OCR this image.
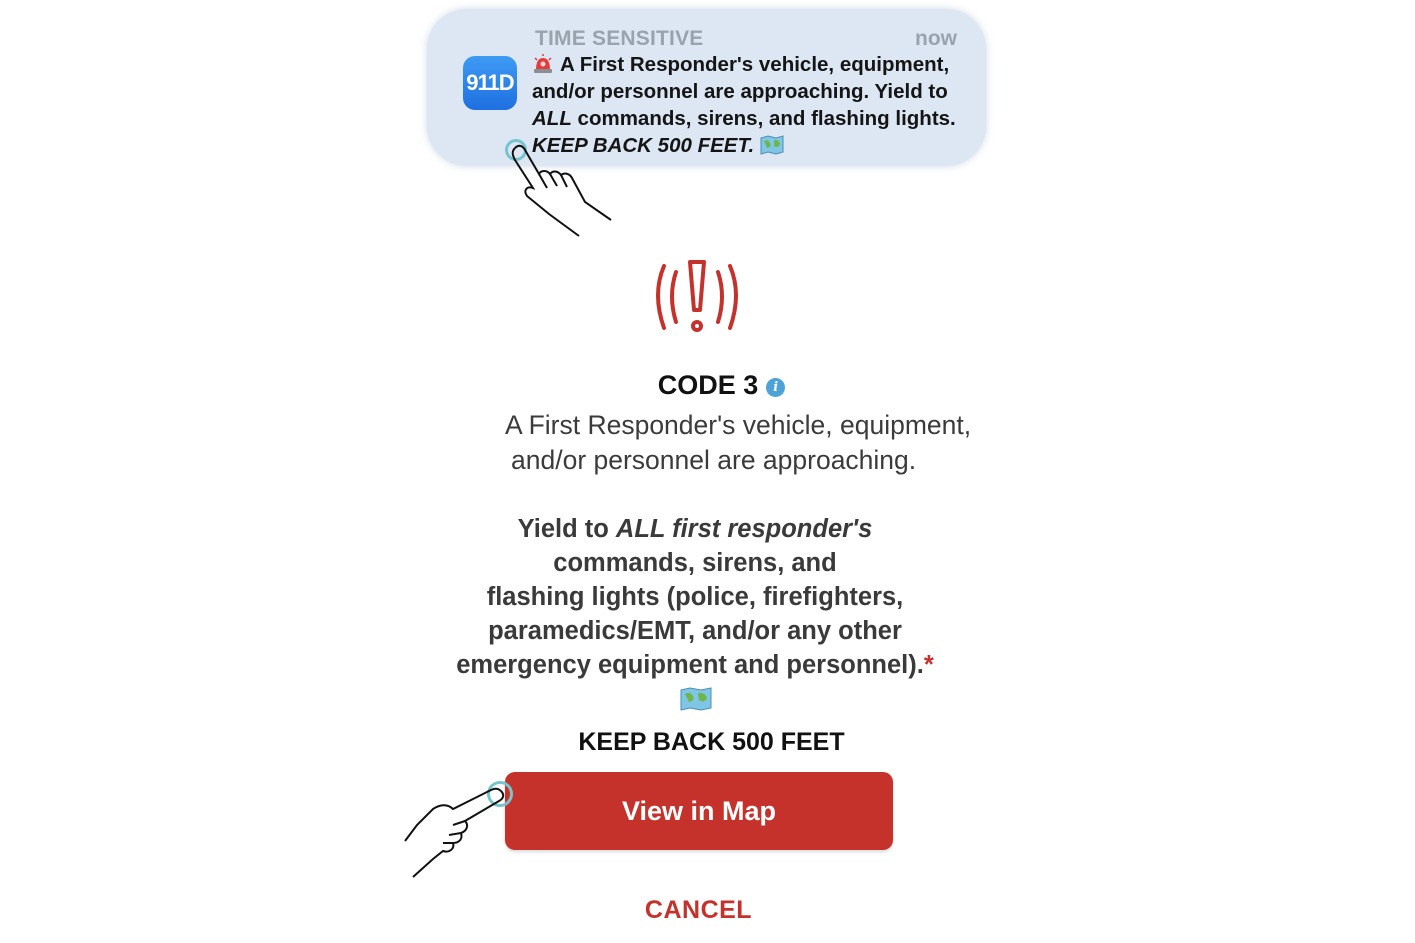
911D
TIME SENSITIVE	now
A First Responder's vehicle, equipment,
and/or personnel are approaching. Yield to
ALL commands, sirens, and flashing lights.
KEEP BACK 500 FEET.
CODE 3 i
A First Responder's vehicle, equipment,
and/or personnel are approaching.
Yield to ALL first responder's
commands, sirens, and
flashing lights (police, firefighters,
paramedics/EMT, and/or any other
emergency equipment and personnel).*
KEEP BACK 500 FEET
View in Map
CANCEL
